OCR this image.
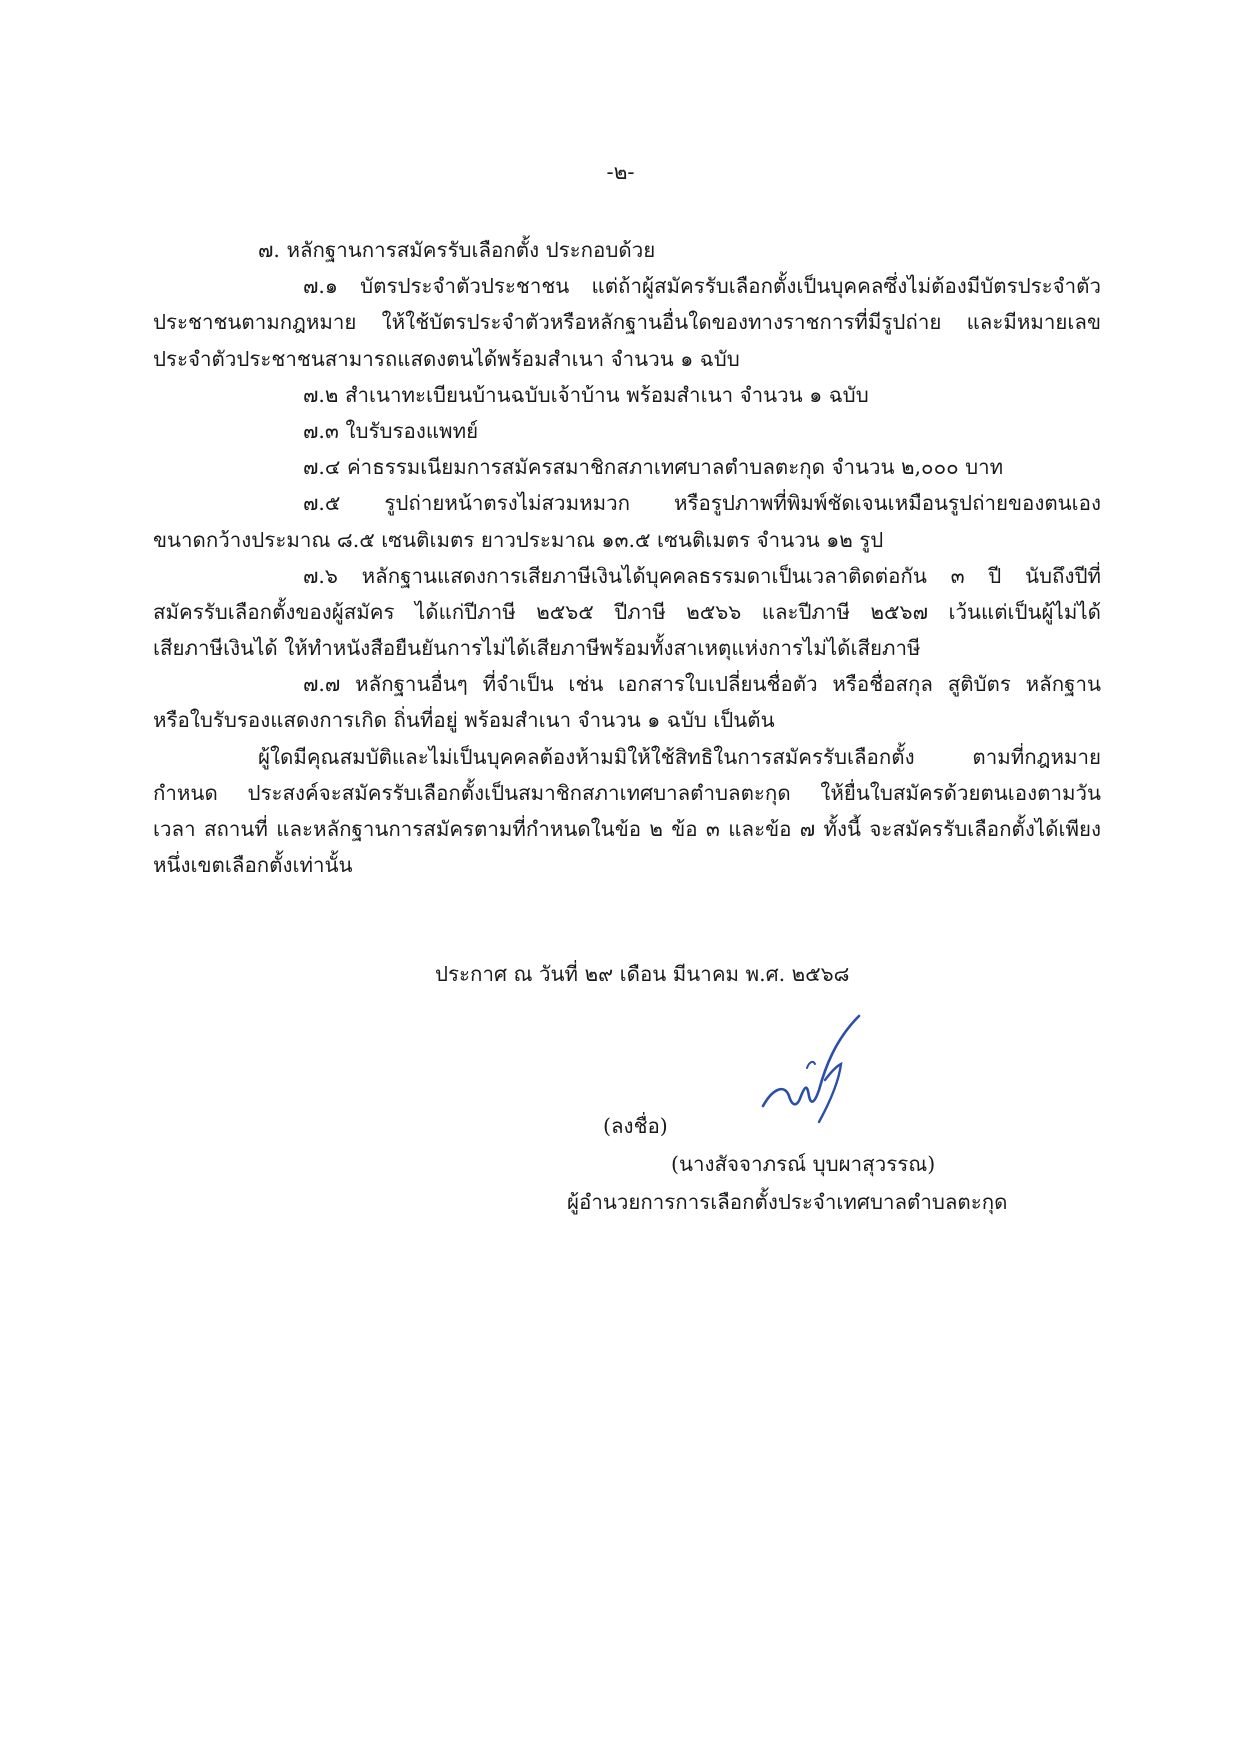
-๒-
๗. หลักฐานการสมัครรับเลือกตั้ง ประกอบด้วย
๗.๑ บัตรประจำตัวประชาชน แต่ถ้าผู้สมัครรับเลือกตั้งเป็นบุคคลซึ่งไม่ต้องมีบัตรประจำตัว
ประชาชนตามกฎหมาย ให้ใช้บัตรประจำตัวหรือหลักฐานอื่นใดของทางราชการที่มีรูปถ่าย และมีหมายเลข
ประจำตัวประชาชนสามารถแสดงตนได้พร้อมสำเนา จำนวน ๑ ฉบับ
๗.๒ สำเนาทะเบียนบ้านฉบับเจ้าบ้าน พร้อมสำเนา จำนวน ๑ ฉบับ
๗.๓ ใบรับรองแพทย์
๗.๔ ค่าธรรมเนียมการสมัครสมาชิกสภาเทศบาลตำบลตะกุด จำนวน ๒,๐๐๐ บาท
๗.๕ รูปถ่ายหน้าตรงไม่สวมหมวก หรือรูปภาพที่พิมพ์ชัดเจนเหมือนรูปถ่ายของตนเอง
ขนาดกว้างประมาณ ๘.๕ เซนติเมตร ยาวประมาณ ๑๓.๕ เซนติเมตร จำนวน ๑๒ รูป
๗.๖ หลักฐานแสดงการเสียภาษีเงินได้บุคคลธรรมดาเป็นเวลาติดต่อกัน ๓ ปี นับถึงปีที่
สมัครรับเลือกตั้งของผู้สมัคร ได้แก่ปีภาษี ๒๕๖๕ ปีภาษี ๒๕๖๖ และปีภาษี ๒๕๖๗ เว้นแต่เป็นผู้ไม่ได้
เสียภาษีเงินได้ ให้ทำหนังสือยืนยันการไม่ได้เสียภาษีพร้อมทั้งสาเหตุแห่งการไม่ได้เสียภาษี
๗.๗ หลักฐานอื่นๆ ที่จำเป็น เช่น เอกสารใบเปลี่ยนชื่อตัว หรือชื่อสกุล สูติบัตร หลักฐาน
หรือใบรับรองแสดงการเกิด ถิ่นที่อยู่ พร้อมสำเนา จำนวน ๑ ฉบับ เป็นต้น
ผู้ใดมีคุณสมบัติและไม่เป็นบุคคลต้องห้ามมิให้ใช้สิทธิในการสมัครรับเลือกตั้ง ตามที่กฎหมาย
กำหนด ประสงค์จะสมัครรับเลือกตั้งเป็นสมาชิกสภาเทศบาลตำบลตะกุด ให้ยื่นใบสมัครด้วยตนเองตามวัน
เวลา สถานที่ และหลักฐานการสมัครตามที่กำหนดในข้อ ๒ ข้อ ๓ และข้อ ๗ ทั้งนี้ จะสมัครรับเลือกตั้งได้เพียง
หนึ่งเขตเลือกตั้งเท่านั้น
ประกาศ ณ วันที่ ๒๙ เดือน มีนาคม พ.ศ. ๒๕๖๘
(ลงชื่อ)
(นางสัจจาภรณ์ บุบผาสุวรรณ)
ผู้อำนวยการการเลือกตั้งประจำเทศบาลตำบลตะกุด
